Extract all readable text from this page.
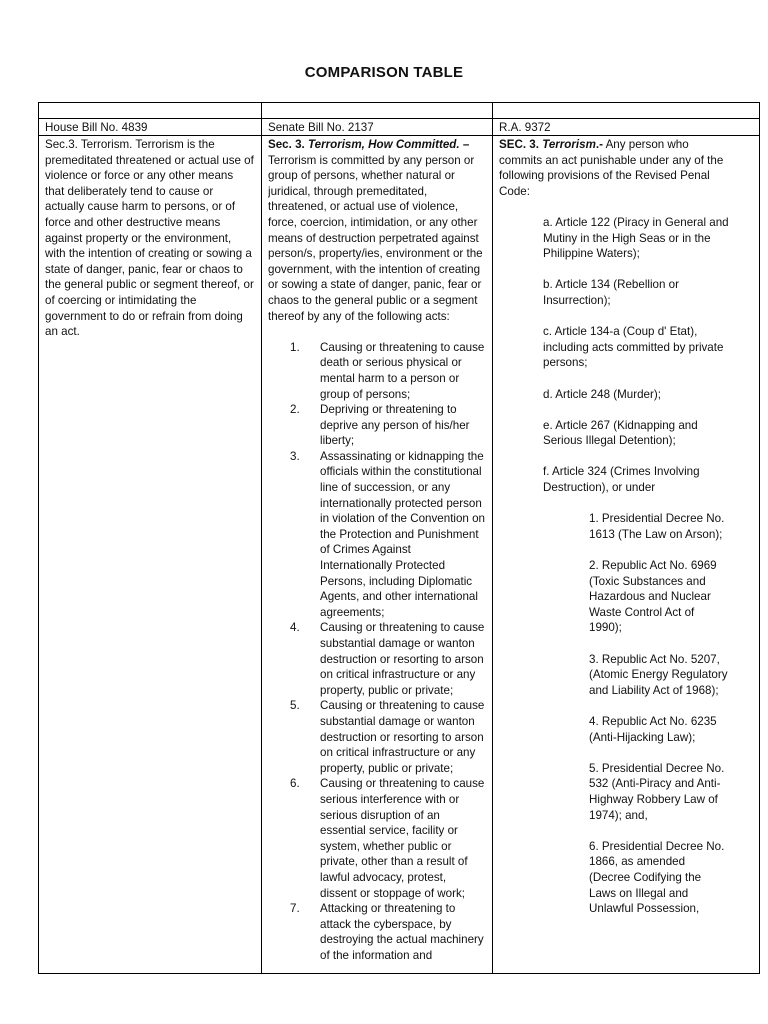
COMPARISON TABLE
House Bill No. 4839	Senate Bill No. 2137	R.A. 9372
Sec.3. Terrorism. Terrorism is the premeditated threatened or actual use of violence or force or any other means that deliberately tend to cause or actually cause harm to persons, or of force and other destructive means against property or the environment, with the intention of creating or sowing a state of danger, panic, fear or chaos to the general public or segment thereof, or of coercing or intimidating the government to do or refrain from doing an act.
Sec. 3. Terrorism, How Committed. – Terrorism is committed by any person or group of persons, whether natural or juridical, through premeditated, threatened, or actual use of violence, force, coercion, intimidation, or any other means of destruction perpetrated against person/s, property/ies, environment or the government, with the intention of creating or sowing a state of danger, panic, fear or chaos to the general public or a segment thereof by any of the following acts:
1. Causing or threatening to cause death or serious physical or mental harm to a person or group of persons;
2. Depriving or threatening to deprive any person of his/her liberty;
3. Assassinating or kidnapping the officials within the constitutional line of succession, or any internationally protected person in violation of the Convention on the Protection and Punishment of Crimes Against Internationally Protected Persons, including Diplomatic Agents, and other international agreements;
4. Causing or threatening to cause substantial damage or wanton destruction or resorting to arson on critical infrastructure or any property, public or private;
5. Causing or threatening to cause substantial damage or wanton destruction or resorting to arson on critical infrastructure or any property, public or private;
6. Causing or threatening to cause serious interference with or serious disruption of an essential service, facility or system, whether public or private, other than a result of lawful advocacy, protest, dissent or stoppage of work;
7. Attacking or threatening to attack the cyberspace, by destroying the actual machinery of the information and
SEC. 3. Terrorism.- Any person who commits an act punishable under any of the following provisions of the Revised Penal Code:
a. Article 122 (Piracy in General and Mutiny in the High Seas or in the Philippine Waters);
b. Article 134 (Rebellion or Insurrection);
c. Article 134-a (Coup d' Etat), including acts committed by private persons;
d. Article 248 (Murder);
e. Article 267 (Kidnapping and Serious Illegal Detention);
f. Article 324 (Crimes Involving Destruction), or under
1. Presidential Decree No. 1613 (The Law on Arson);
2. Republic Act No. 6969 (Toxic Substances and Hazardous and Nuclear Waste Control Act of 1990);
3. Republic Act No. 5207, (Atomic Energy Regulatory and Liability Act of 1968);
4. Republic Act No. 6235 (Anti-Hijacking Law);
5. Presidential Decree No. 532 (Anti-Piracy and Anti-Highway Robbery Law of 1974); and,
6. Presidential Decree No. 1866, as amended (Decree Codifying the Laws on Illegal and Unlawful Possession,
